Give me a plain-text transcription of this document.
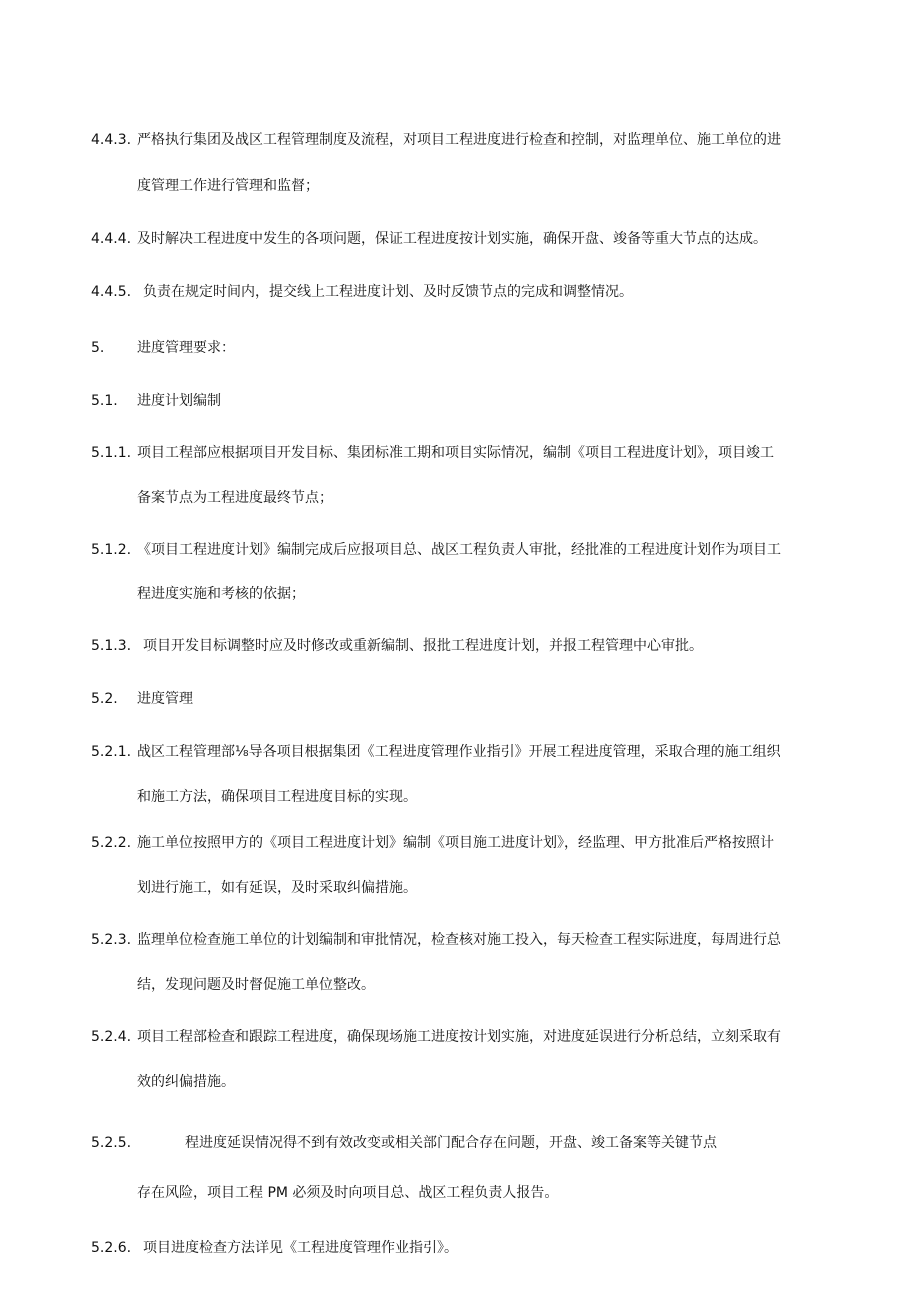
4.4.3. 严格执行集团及战区工程管理制度及流程，对项目工程进度进行检查和控制，对监理单位、施工单位的进
度管理工作进行管理和监督；
4.4.4. 及时解决工程进度中发生的各项问题，保证工程进度按计划实施，确保开盘、竣备等重大节点的达成。
4.4.5. 负责在规定时间内，提交线上工程进度计划、及时反馈节点的完成和调整情况。
5. 进度管理要求：
5.1. 进度计划编制
5.1.1. 项目工程部应根据项目开发目标、集团标准工期和项目实际情况，编制《项目工程进度计划》，项目竣工
备案节点为工程进度最终节点；
5.1.2. 《项目工程进度计划》编制完成后应报项目总、战区工程负责人审批，经批准的工程进度计划作为项目工
程进度实施和考核的依据；
5.1.3. 项目开发目标调整时应及时修改或重新编制、报批工程进度计划，并报工程管理中心审批。
5.2. 进度管理
5.2.1. 战区工程管理部⅛导各项目根据集团《工程进度管理作业指引》开展工程进度管理，采取合理的施工组织
和施工方法，确保项目工程进度目标的实现。
5.2.2. 施工单位按照甲方的《项目工程进度计划》编制《项目施工进度计划》，经监理、甲方批准后严格按照计
划进行施工，如有延误，及时采取纠偏措施。
5.2.3. 监理单位检查施工单位的计划编制和审批情况，检查核对施工投入，每天检查工程实际进度，每周进行总
结，发现问题及时督促施工单位整改。
5.2.4. 项目工程部检查和跟踪工程进度，确保现场施工进度按计划实施，对进度延误进行分析总结，立刻采取有
效的纠偏措施。
5.2.5.	程进度延误情况得不到有效改变或相关部门配合存在问题，开盘、竣工备案等关键节点
存在风险，项目工程 PM 必须及时向项目总、战区工程负责人报告。
5.2.6. 项目进度检查方法详见《工程进度管理作业指引》。
